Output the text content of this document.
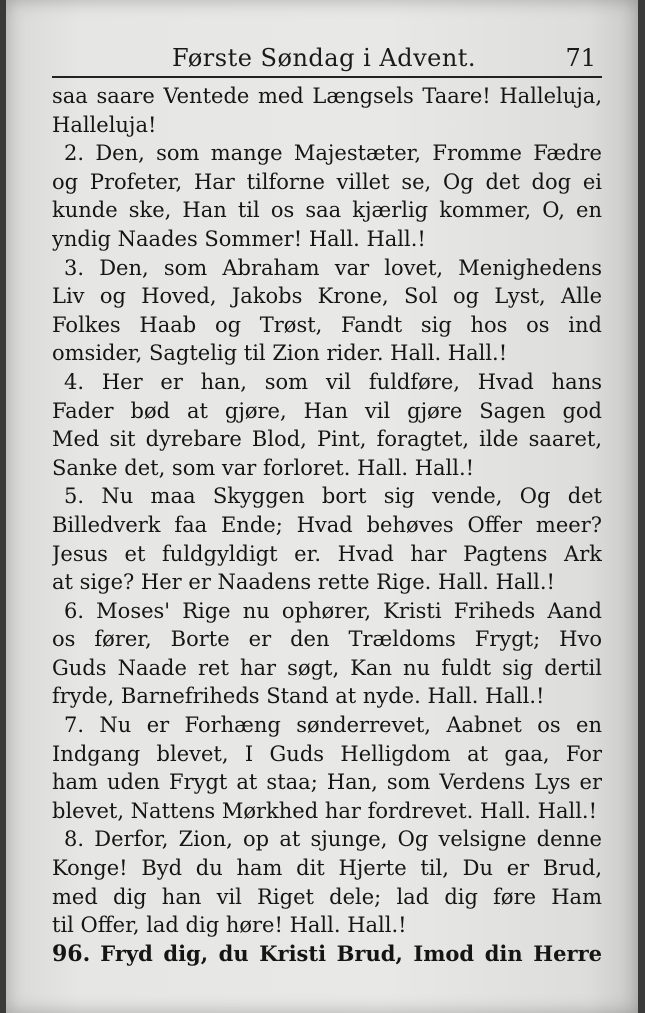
Første Søndag i Advent.	71
saa saare Ventede med Længsels Taare! Halleluja,
Halleluja!
2. Den, som mange Majestæter, Fromme Fædre
og Profeter, Har tilforne villet se, Og det dog ei
kunde ske, Han til os saa kjærlig kommer, O, en
yndig Naades Sommer! Hall. Hall.!
3. Den, som Abraham var lovet, Menighedens
Liv og Hoved, Jakobs Krone, Sol og Lyst, Alle
Folkes Haab og Trøst, Fandt sig hos os ind
omsider, Sagtelig til Zion rider. Hall. Hall.!
4. Her er han, som vil fuldføre, Hvad hans
Fader bød at gjøre, Han vil gjøre Sagen god
Med sit dyrebare Blod, Pint, foragtet, ilde saaret,
Sanke det, som var forloret. Hall. Hall.!
5. Nu maa Skyggen bort sig vende, Og det
Billedverk faa Ende; Hvad behøves Offer meer?
Jesus et fuldgyldigt er. Hvad har Pagtens Ark
at sige? Her er Naadens rette Rige. Hall. Hall.!
6. Moses' Rige nu ophører, Kristi Friheds Aand
os fører, Borte er den Trældoms Frygt; Hvo
Guds Naade ret har søgt, Kan nu fuldt sig dertil
fryde, Barnefriheds Stand at nyde. Hall. Hall.!
7. Nu er Forhæng sønderrevet, Aabnet os en
Indgang blevet, I Guds Helligdom at gaa, For
ham uden Frygt at staa; Han, som Verdens Lys er
blevet, Nattens Mørkhed har fordrevet. Hall. Hall.!
8. Derfor, Zion, op at sjunge, Og velsigne denne
Konge! Byd du ham dit Hjerte til, Du er Brud,
med dig han vil Riget dele; lad dig føre Ham
til Offer, lad dig høre! Hall. Hall.!
96. Fryd dig, du Kristi Brud, Imod din Herre
